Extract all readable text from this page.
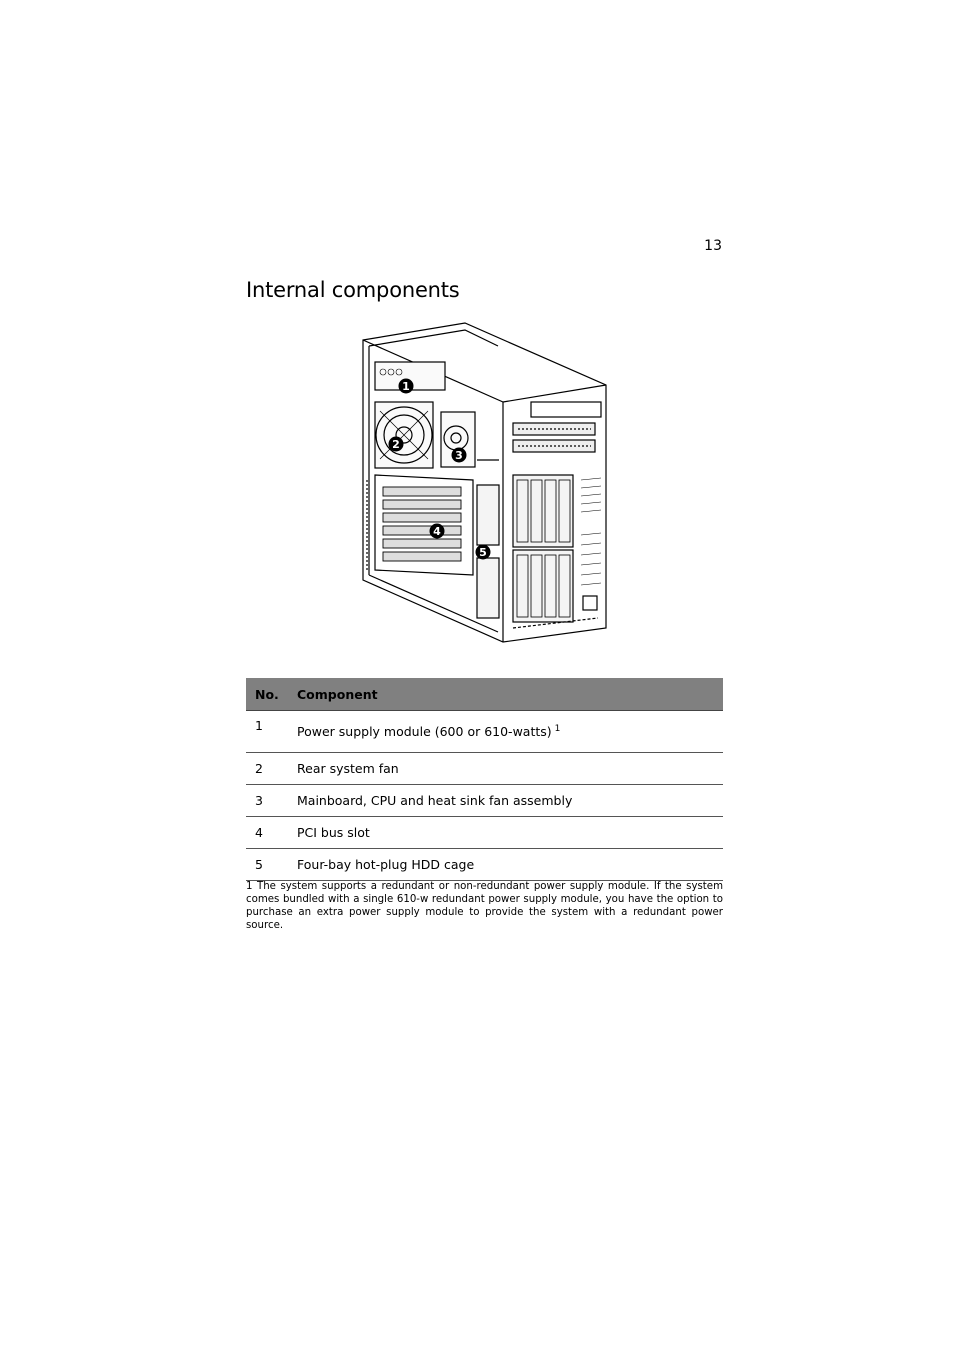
13
Internal components
1
2
3
4
5
No.	Component
1	Power supply module (600 or 610-watts) $^1$
2	Rear system fan
3	Mainboard, CPU and heat sink fan assembly
4	PCI bus slot
5	Four-bay hot-plug HDD cage

1 The system supports a redundant or non-redundant power supply module. If the system comes bundled with a single 610-w redundant power supply module, you have the option to purchase an extra power supply module to provide the system with a redundant power source.
